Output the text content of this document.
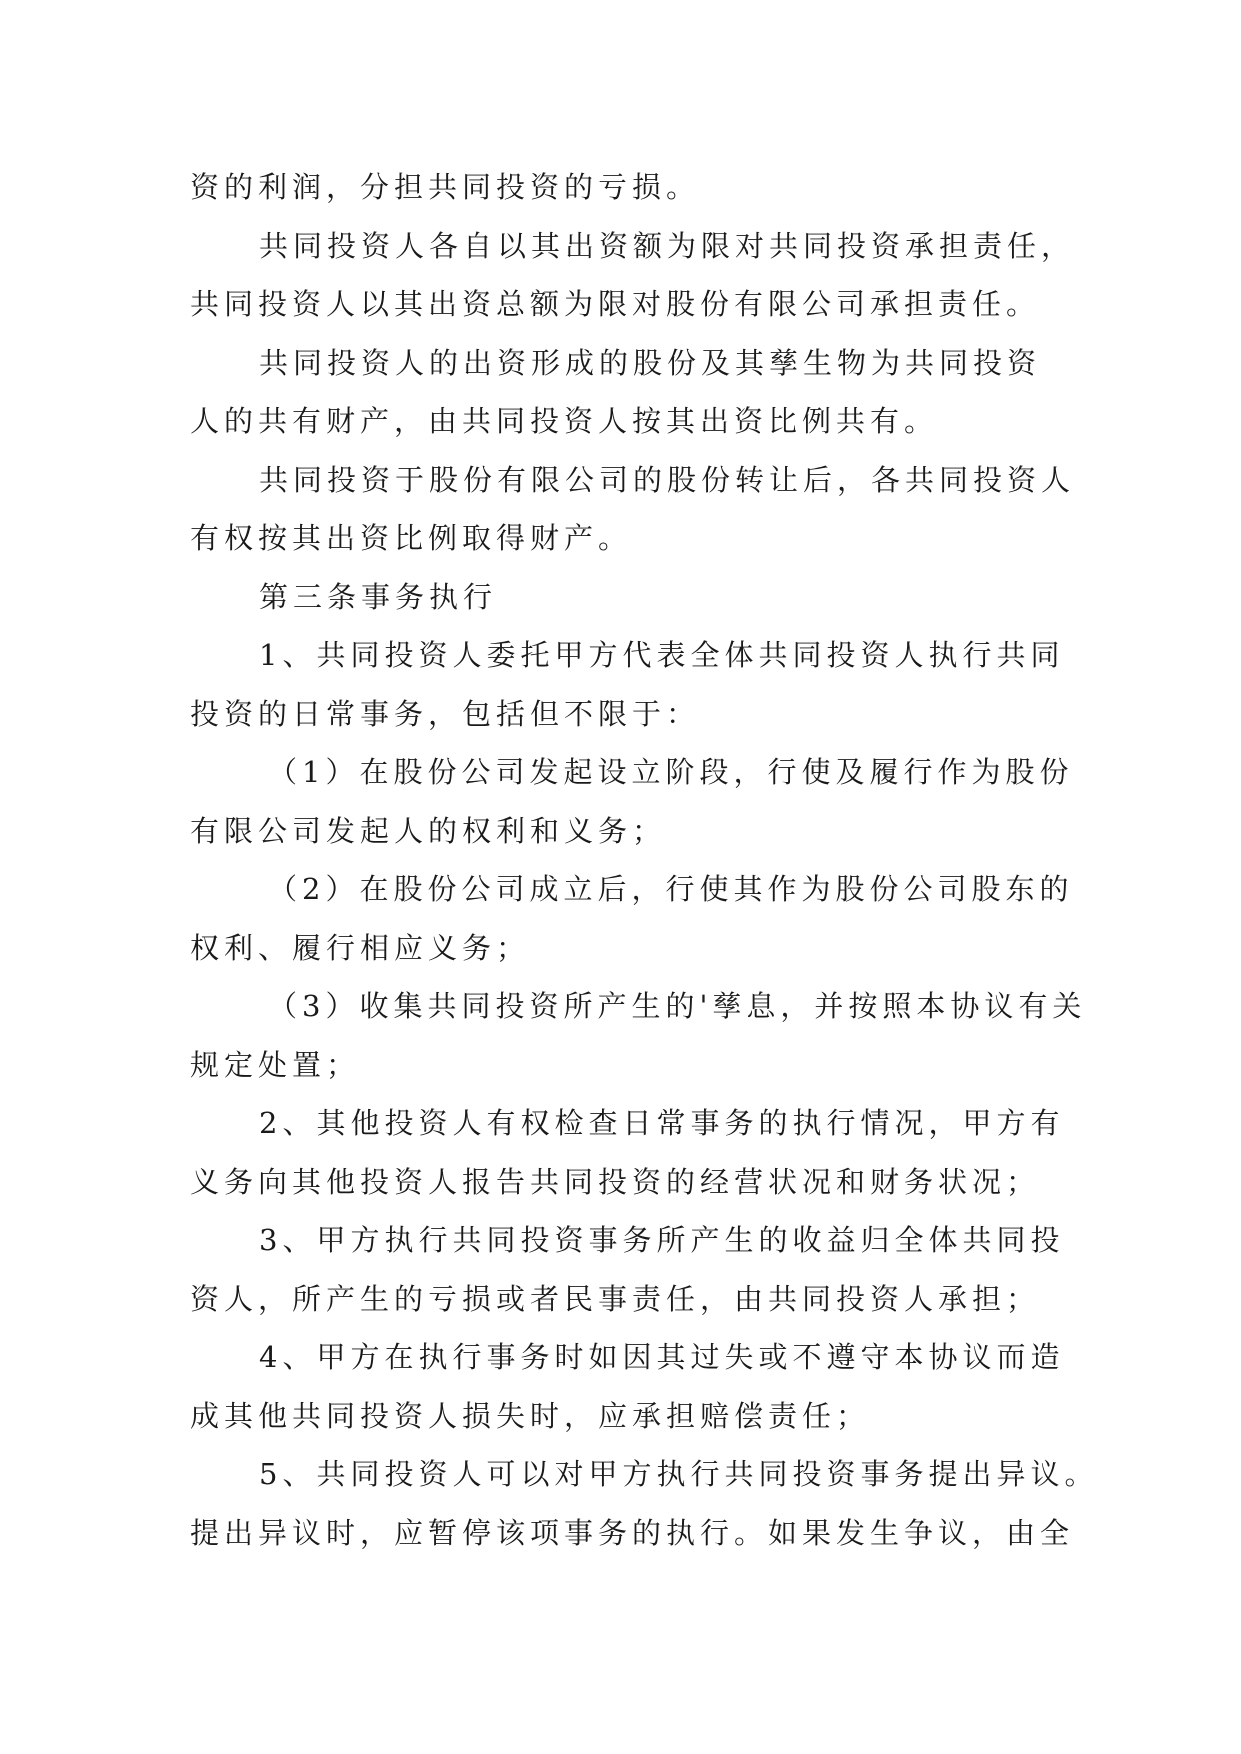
资的利润，分担共同投资的亏损。
共同投资人各自以其出资额为限对共同投资承担责任，
共同投资人以其出资总额为限对股份有限公司承担责任。
共同投资人的出资形成的股份及其孳生物为共同投资
人的共有财产，由共同投资人按其出资比例共有。
共同投资于股份有限公司的股份转让后，各共同投资人
有权按其出资比例取得财产。
第三条事务执行
1、共同投资人委托甲方代表全体共同投资人执行共同
投资的日常事务，包括但不限于：
（1）在股份公司发起设立阶段，行使及履行作为股份
有限公司发起人的权利和义务；
（2）在股份公司成立后，行使其作为股份公司股东的
权利、履行相应义务；
（3）收集共同投资所产生的'孳息，并按照本协议有关
规定处置；
2、其他投资人有权检查日常事务的执行情况，甲方有
义务向其他投资人报告共同投资的经营状况和财务状况；
3、甲方执行共同投资事务所产生的收益归全体共同投
资人，所产生的亏损或者民事责任，由共同投资人承担；
4、甲方在执行事务时如因其过失或不遵守本协议而造
成其他共同投资人损失时，应承担赔偿责任；
5、共同投资人可以对甲方执行共同投资事务提出异议。
提出异议时，应暂停该项事务的执行。如果发生争议，由全
